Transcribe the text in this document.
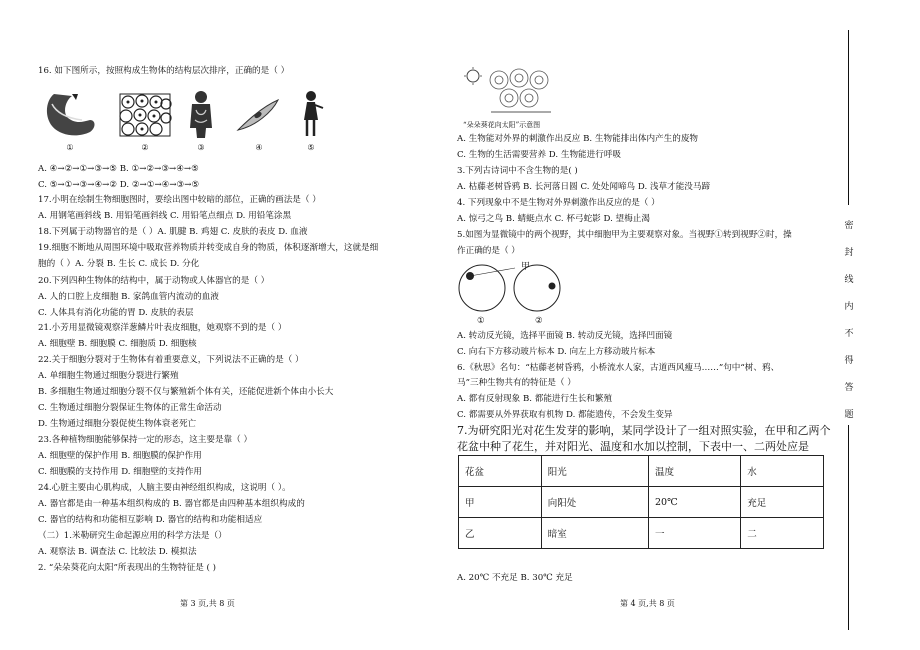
16. 如下图所示，按照构成生物体的结构层次排序，正确的是（ ）
①	②	③	④	⑤
A. ④→②→①→③→⑤ B. ①→②→③→④→⑤
C. ⑤→①→③→④→② D. ②→①→④→③→⑤
17.小明在绘制生物细胞图时，要绘出图中较暗的部位，正确的画法是（ ）
A. 用钢笔画斜线 B. 用铅笔画斜线 C. 用铅笔点细点 D. 用铅笔涂黑
18.下列属于动物器官的是（ ）A. 肌腱 B. 鸡翅 C. 皮肤的表皮 D. 血液
19.细胞不断地从周围环境中吸取营养物质并转变成自身的物质，体积逐渐增大，这就是细
胞的（ ）A. 分裂 B. 生长 C. 成长 D. 分化
20.下列四种生物体的结构中，属于动物或人体器官的是（ ）
A. 人的口腔上皮细胞 B. 家鸽血管内流动的血液
C. 人体具有消化功能的胃 D. 皮肤的表层
21.小芳用显微镜观察洋葱鳞片叶表皮细胞，她观察不到的是（ ）
A. 细胞壁 B. 细胞膜 C. 细胞质 D. 细胞核
22.关于细胞分裂对于生物体有着重要意义，下列说法不正确的是（ ）
A. 单细胞生物通过细胞分裂进行繁殖
B. 多细胞生物通过细胞分裂不仅与繁殖新个体有关，还能促进新个体由小长大
C. 生物通过细胞分裂保证生物体的正常生命活动
D. 生物通过细胞分裂促使生物体衰老死亡
23.各种植物细胞能够保持一定的形态，这主要是靠（ ）
A. 细胞壁的保护作用 B. 细胞膜的保护作用
C. 细胞膜的支持作用 D. 细胞壁的支持作用
24.心脏主要由心肌构成，人脑主要由神经组织构成，这说明（ ）。
A. 器官都是由一种基本组织构成的 B. 器官都是由四种基本组织构成的
C. 器官的结构和功能相互影响 D. 器官的结构和功能相适应
（二）1.米勒研究生命起源应用的科学方法是（）
A. 观察法 B. 调查法 C. 比较法 D. 模拟法
2. “朵朵葵花向太阳”所表现出的生物特征是 ( )
第 3 页,共 8 页
“朵朵葵花向太阳”示意图
A. 生物能对外界的刺激作出反应 B. 生物能排出体内产生的废物
C. 生物的生活需要营养 D. 生物能进行呼吸
3.下列古诗词中不含生物的是( )
A. 枯藤老树昏鸦 B. 长河落日圆 C. 处处闻啼鸟 D. 浅草才能没马蹄
4. 下列现象中不是生物对外界刺激作出反应的是（ ）
A. 惊弓之鸟 B. 蜻蜓点水 C. 杯弓蛇影 D. 望梅止渴
5.如图为显微镜中的两个视野，其中细胞甲为主要观察对象。当视野①转到视野②时，操
作正确的是（ ）
甲
①	②
A. 转动反光镜，选择平面镜 B. 转动反光镜，选择凹面镜
C. 向右下方移动玻片标本 D. 向左上方移动玻片标本
6.《秋思》名句：“枯藤老树昏鸦，小桥流水人家，古道西风瘦马……”句中“树、鸦、
马”三种生物共有的特征是（ ）
A. 都有反射现象 B. 都能进行生长和繁殖
C. 都需要从外界获取有机物 D. 都能遗传，不会发生变异
7.为研究阳光对花生发芽的影响，某同学设计了一组对照实验，在甲和乙两个
花盆中种了花生，并对阳光、温度和水加以控制，下表中一、二两处应是
A. 20℃ 不充足 B. 30℃ 充足
第 4 页,共 8 页
花盆	阳光	温度	水
甲	向阳处	20℃	充足
乙	暗室	一	二
密
封
线
内
不
得
答
题
